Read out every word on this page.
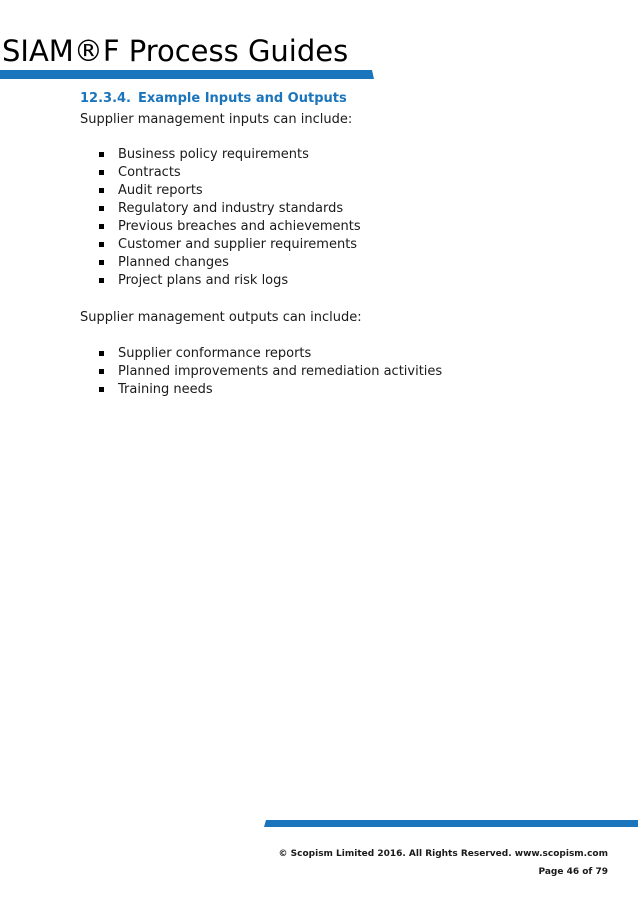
SIAM®F Process Guides
12.3.4. Example Inputs and Outputs
Supplier management inputs can include:
Business policy requirements
Contracts
Audit reports
Regulatory and industry standards
Previous breaches and achievements
Customer and supplier requirements
Planned changes
Project plans and risk logs
Supplier management outputs can include:
Supplier conformance reports
Planned improvements and remediation activities
Training needs
© Scopism Limited 2016. All Rights Reserved. www.scopism.com
Page 46 of 79
